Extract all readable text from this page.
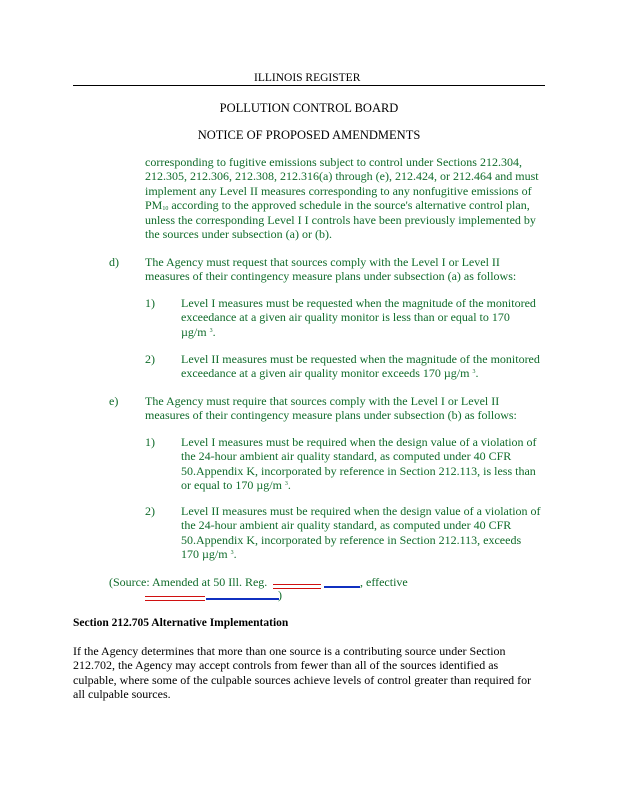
ILLINOIS REGISTER
POLLUTION CONTROL BOARD
NOTICE OF PROPOSED AMENDMENTS
corresponding to fugitive emissions subject to control under Sections 212.304,
212.305, 212.306, 212.308, 212.316(a) through (e), 212.424, or 212.464 and must
implement any Level II measures corresponding to any nonfugitive emissions of
$PM_{10}$ according to the approved schedule in the source's alternative control plan,
unless the corresponding Level I I controls have been previously implemented by
the sources under subsection (a) or (b).
d) The Agency must request that sources comply with the Level I or Level II
measures of their contingency measure plans under subsection (a) as follows:
1) Level I measures must be requested when the magnitude of the monitored
exceedance at a given air quality monitor is less than or equal to 170
µg/m $^3$.
2) Level II measures must be requested when the magnitude of the monitored
exceedance at a given air quality monitor exceeds 170 µg/m $^3$.
e) The Agency must require that sources comply with the Level I or Level II
measures of their contingency measure plans under subsection (b) as follows:
1) Level I measures must be required when the design value of a violation of
the 24-hour ambient air quality standard, as computed under 40 CFR
50.Appendix K, incorporated by reference in Section 212.113, is less than
or equal to 170 µg/m $^3$.
2) Level II measures must be required when the design value of a violation of
the 24-hour ambient air quality standard, as computed under 40 CFR
50.Appendix K, incorporated by reference in Section 212.113, exceeds
170 µg/m $^3$.
(Source: Amended at 50 Ill. Reg.	, effective
)
Section 212.705 Alternative Implementation
If the Agency determines that more than one source is a contributing source under Section
212.702, the Agency may accept controls from fewer than all of the sources identified as
culpable, where some of the culpable sources achieve levels of control greater than required for
all culpable sources.
